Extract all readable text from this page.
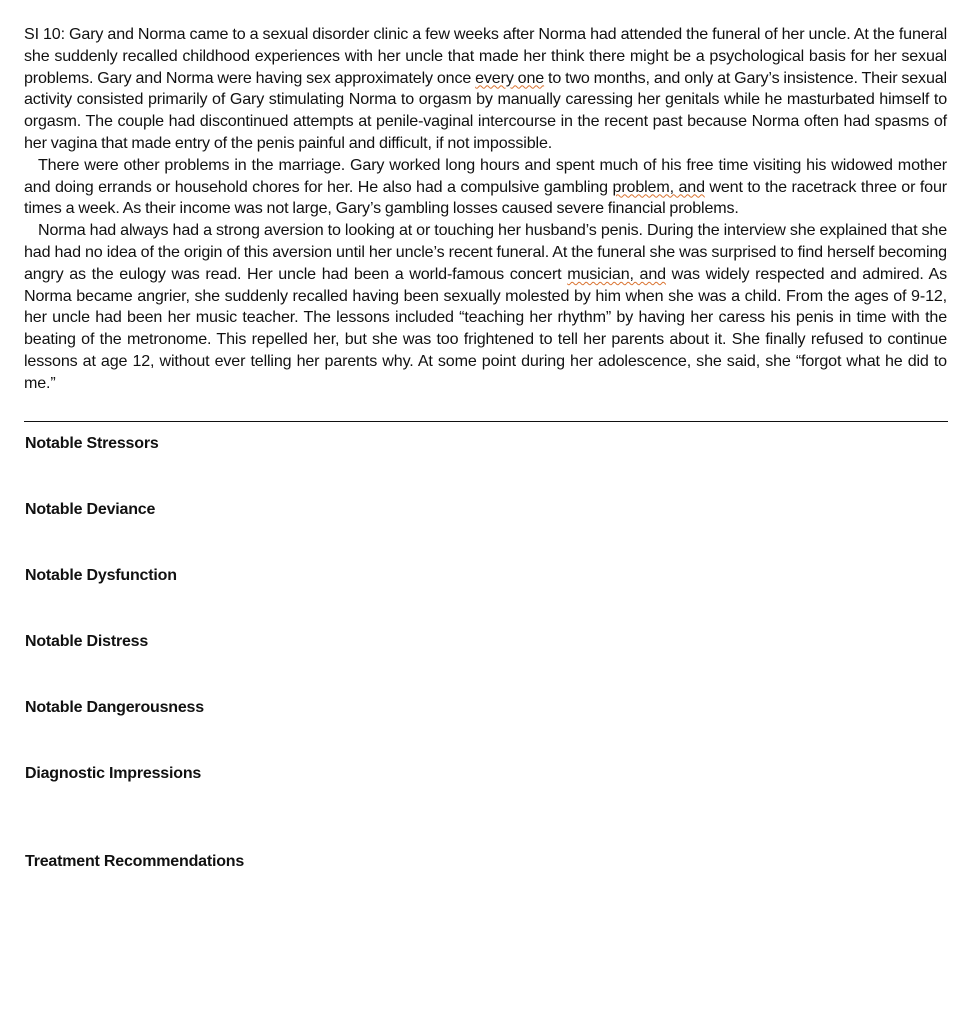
SI 10: Gary and Norma came to a sexual disorder clinic a few weeks after Norma had attended the funeral of her uncle. At the funeral she suddenly recalled childhood experiences with her uncle that made her think there might be a psychological basis for her sexual problems. Gary and Norma were having sex approximately once every one to two months, and only at Gary’s insistence. Their sexual activity consisted primarily of Gary stimulating Norma to orgasm by manually caressing her genitals while he masturbated himself to orgasm. The couple had discontinued attempts at penile-vaginal intercourse in the recent past because Norma often had spasms of her vagina that made entry of the penis painful and difficult, if not impossible.

There were other problems in the marriage. Gary worked long hours and spent much of his free time visiting his widowed mother and doing errands or household chores for her. He also had a compulsive gambling problem, and went to the racetrack three or four times a week. As their income was not large, Gary’s gambling losses caused severe financial problems.

Norma had always had a strong aversion to looking at or touching her husband’s penis. During the interview she explained that she had had no idea of the origin of this aversion until her uncle’s recent funeral. At the funeral she was surprised to find herself becoming angry as the eulogy was read. Her uncle had been a world-famous concert musician, and was widely respected and admired. As Norma became angrier, she suddenly recalled having been sexually molested by him when she was a child. From the ages of 9-12, her uncle had been her music teacher. The lessons included “teaching her rhythm” by having her caress his penis in time with the beating of the metronome. This repelled her, but she was too frightened to tell her parents about it. She finally refused to continue lessons at age 12, without ever telling her parents why. At some point during her adolescence, she said, she “forgot what he did to me.”

Notable Stressors
Notable Deviance
Notable Dysfunction
Notable Distress
Notable Dangerousness
Diagnostic Impressions
Treatment Recommendations
